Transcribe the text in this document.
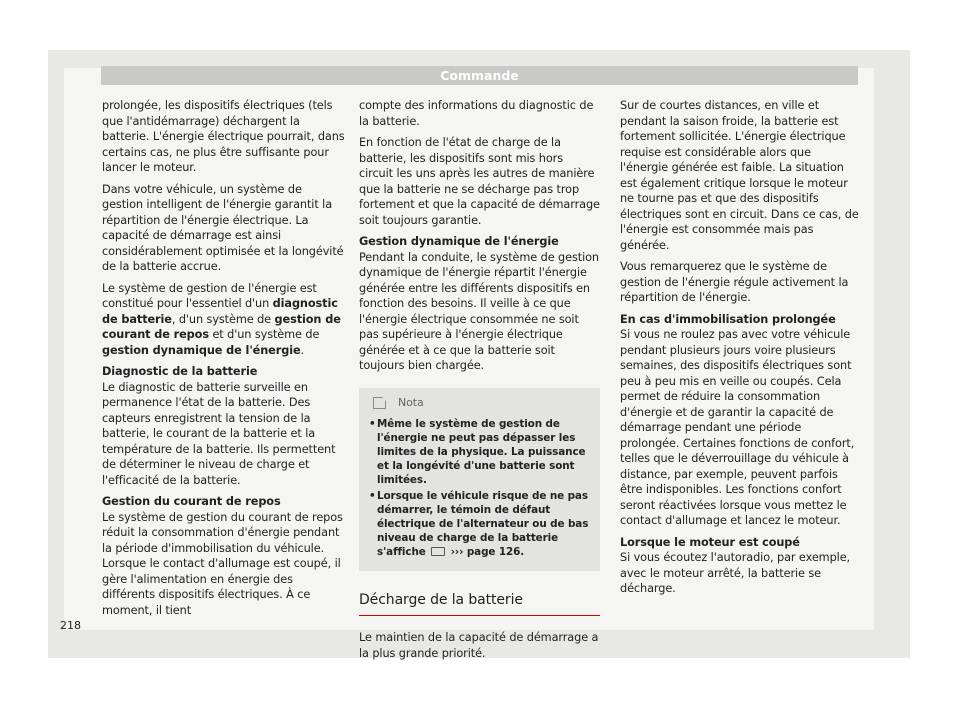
Commande

prolongée, les dispositifs électriques (tels que l'antidémarrage) déchargent la batterie. L'énergie électrique pourrait, dans certains cas, ne plus être suffisante pour lancer le moteur.

Dans votre véhicule, un système de gestion intelligent de l'énergie garantit la répartition de l'énergie électrique. La capacité de démarrage est ainsi considérablement optimisée et la longévité de la batterie accrue.

Le système de gestion de l'énergie est constitué pour l'essentiel d'un diagnostic de batterie, d'un système de gestion de courant de repos et d'un système de gestion dynamique de l'énergie.

Diagnostic de la batterie
Le diagnostic de batterie surveille en permanence l'état de la batterie. Des capteurs enregistrent la tension de la batterie, le courant de la batterie et la température de la batterie. Ils permettent de déterminer le niveau de charge et l'efficacité de la batterie.

Gestion du courant de repos
Le système de gestion du courant de repos réduit la consommation d'énergie pendant la période d'immobilisation du véhicule. Lorsque le contact d'allumage est coupé, il gère l'alimentation en énergie des différents dispositifs électriques. À ce moment, il tient

compte des informations du diagnostic de la batterie.

En fonction de l'état de charge de la batterie, les dispositifs sont mis hors circuit les uns après les autres de manière que la batterie ne se décharge pas trop fortement et que la capacité de démarrage soit toujours garantie.

Gestion dynamique de l'énergie
Pendant la conduite, le système de gestion dynamique de l'énergie répartit l'énergie générée entre les différents dispositifs en fonction des besoins. Il veille à ce que l'énergie électrique consommée ne soit pas supérieure à l'énergie électrique générée et à ce que la batterie soit toujours bien chargée.

Nota
• Même le système de gestion de l'énergie ne peut pas dépasser les limites de la physique. La puissance et la longévité d'une batterie sont limitées.
• Lorsque le véhicule risque de ne pas démarrer, le témoin de défaut électrique de l'alternateur ou de bas niveau de charge de la batterie s'affiche ››› page 126.
Décharge de la batterie

Le maintien de la capacité de démarrage a la plus grande priorité.

Sur de courtes distances, en ville et pendant la saison froide, la batterie est fortement sollicitée. L'énergie électrique requise est considérable alors que l'énergie générée est faible. La situation est également critique lorsque le moteur ne tourne pas et que des dispositifs électriques sont en circuit. Dans ce cas, de l'énergie est consommée mais pas générée.

Vous remarquerez que le système de gestion de l'énergie régule activement la répartition de l'énergie.

En cas d'immobilisation prolongée
Si vous ne roulez pas avec votre véhicule pendant plusieurs jours voire plusieurs semaines, des dispositifs électriques sont peu à peu mis en veille ou coupés. Cela permet de réduire la consommation d'énergie et de garantir la capacité de démarrage pendant une période prolongée. Certaines fonctions de confort, telles que le déverrouillage du véhicule à distance, par exemple, peuvent parfois être indisponibles. Les fonctions confort seront réactivées lorsque vous mettez le contact d'allumage et lancez le moteur.

Lorsque le moteur est coupé
Si vous écoutez l'autoradio, par exemple, avec le moteur arrêté, la batterie se décharge.

218
